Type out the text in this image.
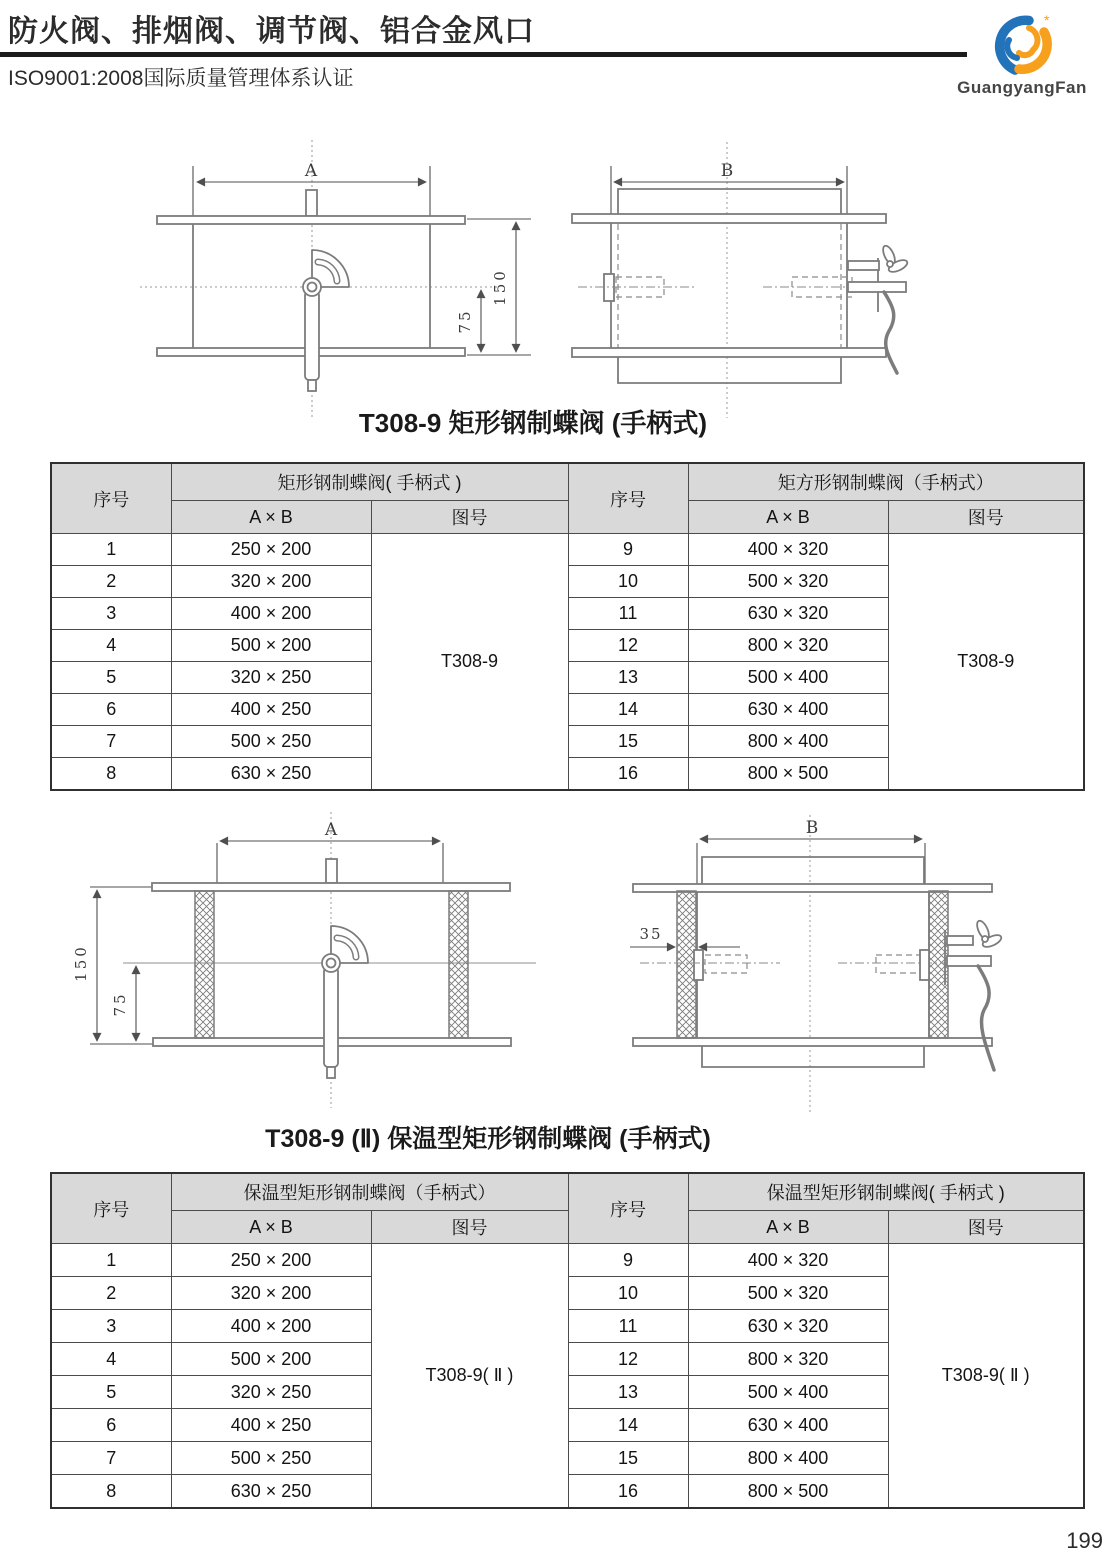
防火阀、排烟阀、调节阀、铝合金风口
ISO9001:2008国际质量管理体系认证
*
GuangyangFan
A
150
75
B
T308-9 矩形钢制蝶阀 (手柄式)
序号	矩形钢制蝶阀( 手柄式 )		序号	矩方形钢制蝶阀（手柄式）	
	A × B	图号		A × B	图号
1	250 × 200	T308-9	9	400 × 320	T308-9
2	320 × 200		10	500 × 320	
3	400 × 200		11	630 × 320	
4	500 × 200		12	800 × 320	
5	320 × 250		13	500 × 400	
6	400 × 250		14	630 × 400	
7	500 × 250		15	800 × 400	
8	630 × 250		16	800 × 500	
150
75
A	B
35
T308-9 (Ⅱ) 保温型矩形钢制蝶阀 (手柄式)
序号	保温型矩形钢制蝶阀（手柄式）		序号	保温型矩形钢制蝶阀( 手柄式 )	
	A × B	图号		A × B	图号
1	250 × 200	T308-9( Ⅱ )	9	400 × 320	T308-9( Ⅱ )
2	320 × 200		10	500 × 320	
3	400 × 200		11	630 × 320	
4	500 × 200		12	800 × 320	
5	320 × 250		13	500 × 400	
6	400 × 250		14	630 × 400	
7	500 × 250		15	800 × 400	
8	630 × 250		16	800 × 500	
199
